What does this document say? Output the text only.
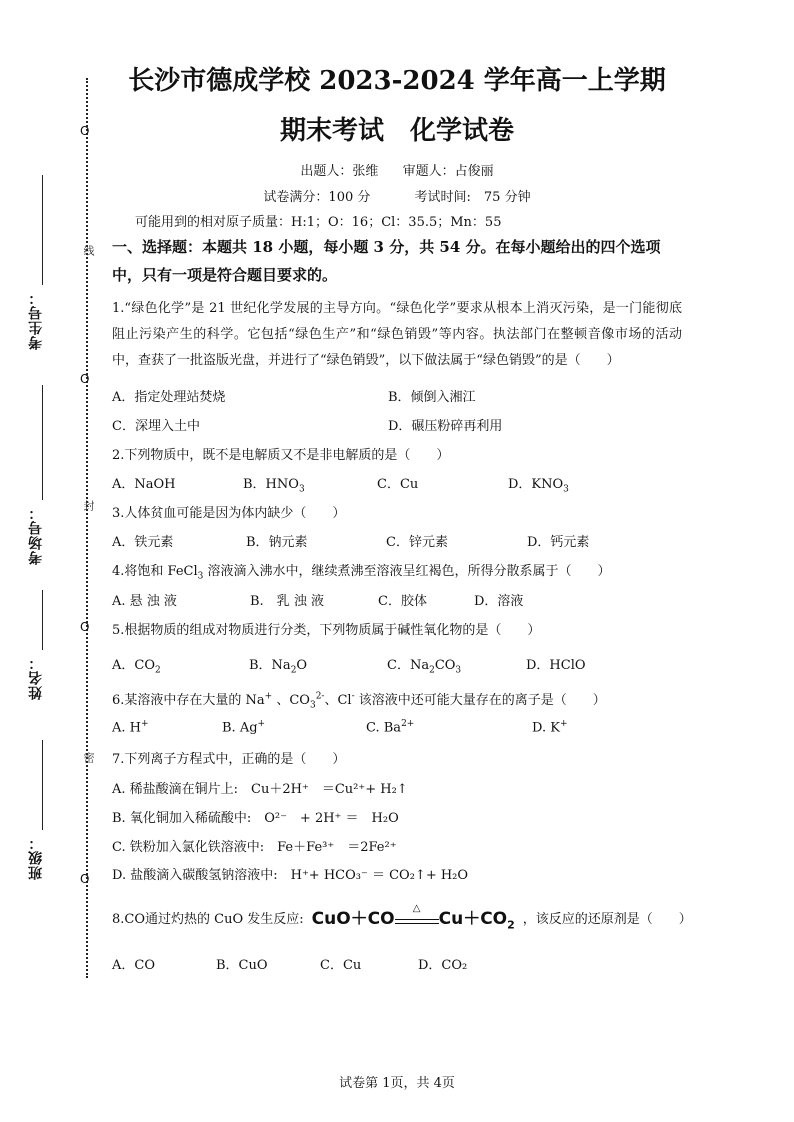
O
线
O
封
O
密
O
考生号：
考场号：
姓名：
班级：
长沙市德成学校 2023-2024 学年高一上学期
期末考试　化学试卷
出题人：张维 审题人：占俊丽
试卷满分：100 分	考试时间:　75 分钟
可能用到的相对原子质量：H:1；O：16；Cl：35.5；Mn：55
一、选择题：本题共 18 小题，每小题 3 分，共 54 分。在每小题给出的四个选项
中，只有一项是符合题目要求的。
1.“绿色化学”是 21 世纪化学发展的主导方向。“绿色化学”要求从根本上消灭污染，是一门能彻底阻止污染产生的科学。它包括“绿色生产”和“绿色销毁”等内容。执法部门在整顿音像市场的活动中，查获了一批盗版光盘，并进行了“绿色销毁”，以下做法属于“绿色销毁”的是（　　）
A．指定处理站焚烧	B．倾倒入湘江
C．深埋入土中	D．碾压粉碎再利用
2.下列物质中，既不是电解质又不是非电解质的是（　　）
A．NaOH	B．$HNO_3$	C．Cu	D．$KNO_3$
3.人体贫血可能是因为体内缺少（　　）
A．铁元素	B．钠元素	C．锌元素	D．钙元素
4.将饱和 FeCl$_3$ 溶液滴入沸水中，继续煮沸至溶液呈红褐色，所得分散系属于（　　）
A. 悬 浊 液	B.　乳 浊 液	C．胶体	D．溶液
5.根据物质的组成对物质进行分类，下列物质属于碱性氧化物的是（　　）
A．$CO_2$	B．$Na_2O$	C．$Na_2CO_3$	D．HClO
6.某溶液中存在大量的 Na+ 、$CO_3^{2-}$、Cl- 该溶液中还可能大量存在的离子是（　　）
A. H+	B. Ag+	C. $Ba^{2+}$	D. K+
7.下列离子方程式中，正确的是（　　）
A. 稀盐酸滴在铜片上:　Cu＋2H⁺　＝Cu²⁺+ H₂↑
B. 氧化铜加入稀硫酸中:　O²⁻　+ 2H⁺ ＝　H₂O
C. 铁粉加入氯化铁溶液中:　Fe＋Fe³⁺　＝2Fe²⁺
D. 盐酸滴入碳酸氢钠溶液中:　H⁺+ HCO₃⁻ ＝ CO₂↑+ H₂O
8.CO通过灼热的 CuO 发生反应: CuO＋CO
△
$Cu+CO_2$ ，该反应的还原剂是（　　）
A．CO	B．CuO	C．Cu	D．CO₂
试卷第 1页，共 4页
